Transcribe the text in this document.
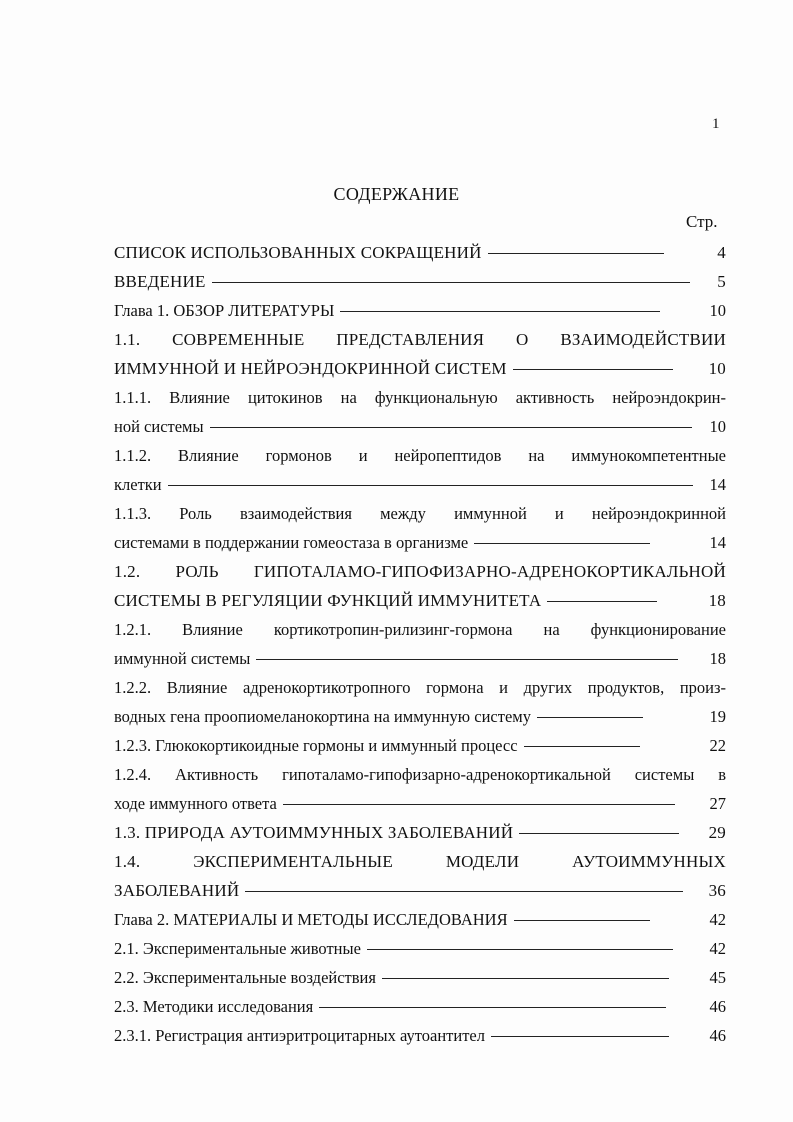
1
СОДЕРЖАНИЕ
Стр.
СПИСОК ИСПОЛЬЗОВАННЫХ СОКРАЩЕНИЙ	4
ВВЕДЕНИЕ	5
Глава 1. ОБЗОР ЛИТЕРАТУРЫ	10
1.1. СОВРЕМЕННЫЕ ПРЕДСТАВЛЕНИЯ О ВЗАИМОДЕЙСТВИИ
ИММУННОЙ И НЕЙРОЭНДОКРИННОЙ СИСТЕМ	10
1.1.1. Влияние цитокинов на функциональную активность нейроэндокрин-
ной системы	10
1.1.2. Влияние гормонов и нейропептидов на иммунокомпетентные
клетки	14
1.1.3. Роль взаимодействия между иммунной и нейроэндокринной
системами в поддержании гомеостаза в организме	14
1.2. РОЛЬ ГИПОТАЛАМО-ГИПОФИЗАРНО-АДРЕНОКОРТИКАЛЬНОЙ
СИСТЕМЫ В РЕГУЛЯЦИИ ФУНКЦИЙ ИММУНИТЕТА	18
1.2.1. Влияние кортикотропин-рилизинг-гормона на функционирование
иммунной системы	18
1.2.2. Влияние адренокортикотропного гормона и других продуктов, произ-
водных гена проопиомеланокортина на иммунную систему	19
1.2.3. Глюкокортикоидные гормоны и иммунный процесс	22
1.2.4. Активность гипоталамо-гипофизарно-адренокортикальной системы в
ходе иммунного ответа	27
1.3. ПРИРОДА АУТОИММУННЫХ ЗАБОЛЕВАНИЙ	29
1.4. ЭКСПЕРИМЕНТАЛЬНЫЕ МОДЕЛИ АУТОИММУННЫХ
ЗАБОЛЕВАНИЙ	36
Глава 2. МАТЕРИАЛЫ И МЕТОДЫ ИССЛЕДОВАНИЯ	42
2.1. Экспериментальные животные	42
2.2. Экспериментальные воздействия	45
2.3. Методики исследования	46
2.3.1. Регистрация антиэритроцитарных аутоантител	46
